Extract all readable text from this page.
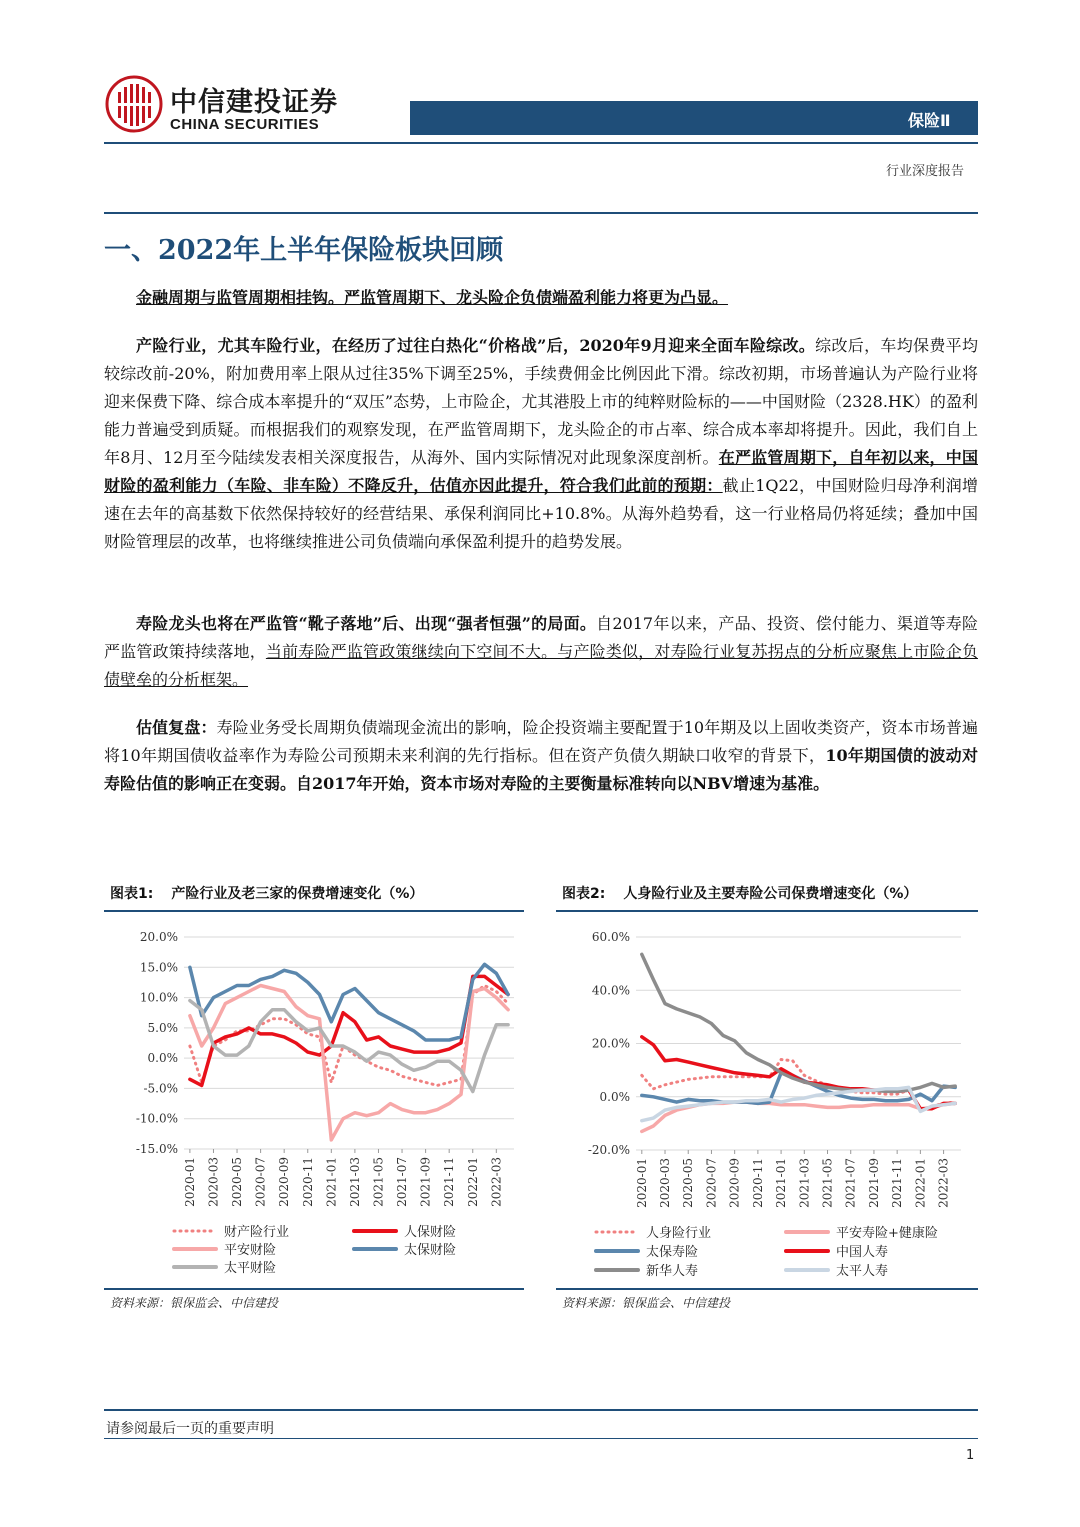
中信建投证券
CHINA SECURITIES	保险Ⅱ
行业深度报告
一、2022年上半年保险板块回顾
金融周期与监管周期相挂钩。严监管周期下、龙头险企负债端盈利能力将更为凸显。
产险行业，尤其车险行业，在经历了过往白热化“价格战”后，2020年9月迎来全面车险综改。综改后，车均保费平均较综改前-20%，附加费用率上限从过往35%下调至25%，手续费佣金比例因此下滑。综改初期，市场普遍认为产险行业将迎来保费下降、综合成本率提升的“双压”态势，上市险企，尤其港股上市的纯粹财险标的——中国财险（2328.HK）的盈利能力普遍受到质疑。而根据我们的观察发现，在严监管周期下，龙头险企的市占率、综合成本率却将提升。因此，我们自上年8月、12月至今陆续发表相关深度报告，从海外、国内实际情况对此现象深度剖析。在严监管周期下，自年初以来，中国财险的盈利能力（车险、非车险）不降反升，估值亦因此提升，符合我们此前的预期：截止1Q22，中国财险归母净利润增速在去年的高基数下依然保持较好的经营结果、承保利润同比+10.8%。从海外趋势看，这一行业格局仍将延续；叠加中国财险管理层的改革，也将继续推进公司负债端向承保盈利提升的趋势发展。
寿险龙头也将在严监管“靴子落地”后、出现“强者恒强”的局面。自2017年以来，产品、投资、偿付能力、渠道等寿险严监管政策持续落地，当前寿险严监管政策继续向下空间不大。与产险类似，对寿险行业复苏拐点的分析应聚焦上市险企负债壁垒的分析框架。
估值复盘：寿险业务受长周期负债端现金流出的影响，险企投资端主要配置于10年期及以上固收类资产，资本市场普遍将10年期国债收益率作为寿险公司预期未来利润的先行指标。但在资产负债久期缺口收窄的背景下，10年期国债的波动对寿险估值的影响正在变弱。自2017年开始，资本市场对寿险的主要衡量标准转向以NBV增速为基准。
图表1: 产险行业及老三家的保费增速变化（%）
20.0%
15.0%
10.0%
5.0%
0.0%
-5.0%
-10.0%
-15.0%
2020-01 2020-03 2020-05 2020-07 2020-09 2020-11 2021-01 2021-03 2021-05 2021-07 2021-09 2021-11 2022-01 2022-03
财产险行业	人保财险
平安财险	太保财险
太平财险
资料来源：银保监会、中信建投
图表2: 人身险行业及主要寿险公司保费增速变化（%）
60.0%
40.0%
20.0%
0.0%
-20.0%
2020-01 2020-03 2020-05 2020-07 2020-09 2020-11 2021-01 2021-03 2021-05 2021-07 2021-09 2021-11 2022-01 2022-03
人身险行业	平安寿险+健康险
太保寿险	中国人寿
新华人寿	太平人寿
资料来源：银保监会、中信建投
请参阅最后一页的重要声明
1
